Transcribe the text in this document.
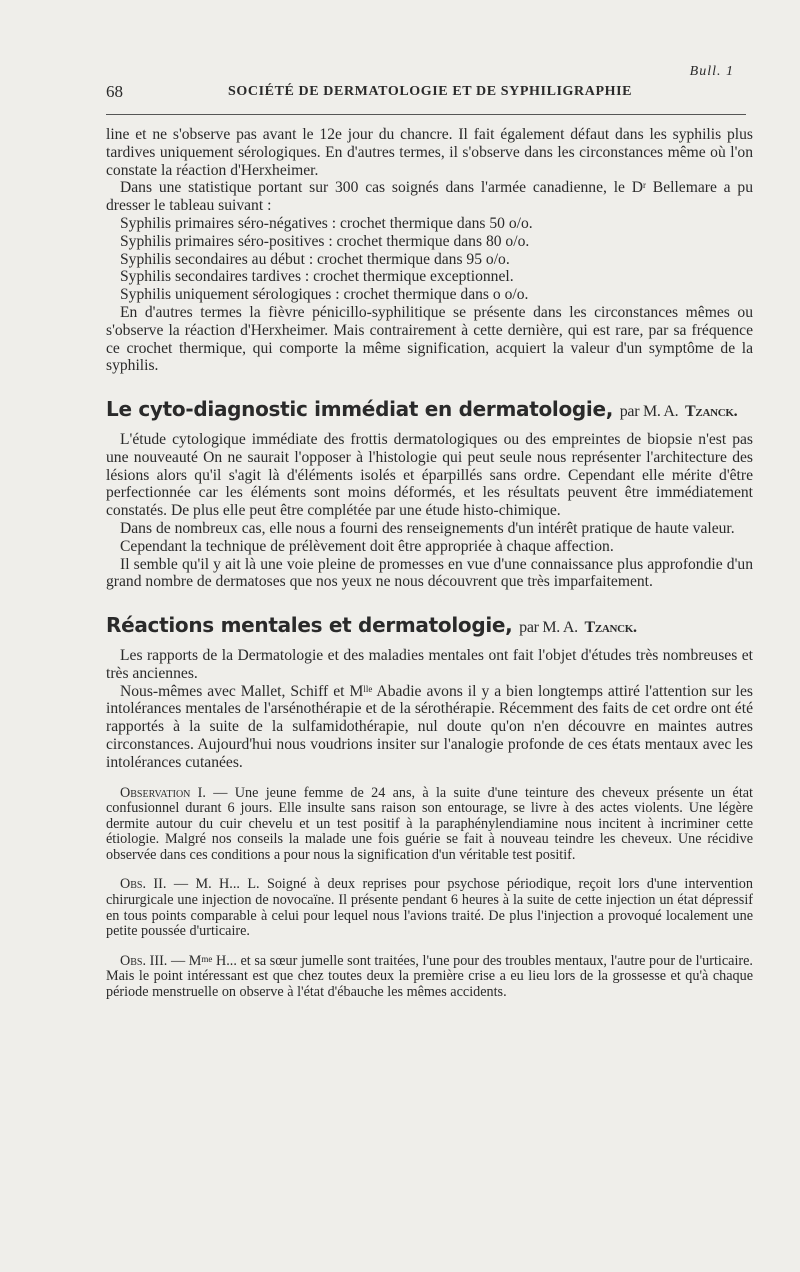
Bull. 1
68	SOCIÉTÉ DE DERMATOLOGIE ET DE SYPHILIGRAPHIE

line et ne s'observe pas avant le 12e jour du chancre. Il fait également défaut dans les syphilis plus tardives uniquement sérologiques. En d'autres termes, il s'observe dans les circonstances même où l'on constate la réaction d'Herxheimer.

Dans une statistique portant sur 300 cas soignés dans l'armée canadienne, le $D^r$ Bellemare a pu dresser le tableau suivant :

Syphilis primaires séro-négatives : crochet thermique dans 50 o/o.

Syphilis primaires séro-positives : crochet thermique dans 80 o/o.

Syphilis secondaires au début : crochet thermique dans 95 o/o.

Syphilis secondaires tardives : crochet thermique exceptionnel.

Syphilis uniquement sérologiques : crochet thermique dans o o/o.

En d'autres termes la fièvre pénicillo-syphilitique se présente dans les circonstances mêmes ou s'observe la réaction d'Herxheimer. Mais contrairement à cette dernière, qui est rare, par sa fréquence ce crochet thermique, qui comporte la même signification, acquiert la valeur d'un symptôme de la syphilis.

Le cyto-diagnostic immédiat en dermatologie, par M. A. Tzanck.

L'étude cytologique immédiate des frottis dermatologiques ou des empreintes de biopsie n'est pas une nouveauté On ne saurait l'opposer à l'histologie qui peut seule nous représenter l'architecture des lésions alors qu'il s'agit là d'éléments isolés et éparpillés sans ordre. Cependant elle mérite d'être perfectionnée car les éléments sont moins déformés, et les résultats peuvent être immédiatement constatés. De plus elle peut être complétée par une étude histo-chimique.

Dans de nombreux cas, elle nous a fourni des renseignements d'un intérêt pratique de haute valeur.

Cependant la technique de prélèvement doit être appropriée à chaque affection.

Il semble qu'il y ait là une voie pleine de promesses en vue d'une connaissance plus approfondie d'un grand nombre de dermatoses que nos yeux ne nous découvrent que très imparfaitement.

Réactions mentales et dermatologie, par M. A. Tzanck.

Les rapports de la Dermatologie et des maladies mentales ont fait l'objet d'études très nombreuses et très anciennes.

Nous-mêmes avec Mallet, Schiff et $M^{lle}$ Abadie avons il y a bien longtemps attiré l'attention sur les intolérances mentales de l'arsénothérapie et de la sérothérapie. Récemment des faits de cet ordre ont été rapportés à la suite de la sulfamidothérapie, nul doute qu'on n'en découvre en maintes autres circonstances. Aujourd'hui nous voudrions insiter sur l'analogie profonde de ces états mentaux avec les intolérances cutanées.

Observation I. — Une jeune femme de 24 ans, à la suite d'une teinture des cheveux présente un état confusionnel durant 6 jours. Elle insulte sans raison son entourage, se livre à des actes violents. Une légère dermite autour du cuir chevelu et un test positif à la paraphénylendiamine nous incitent à incriminer cette étiologie. Malgré nos conseils la malade une fois guérie se fait à nouveau teindre les cheveux. Une récidive observée dans ces conditions a pour nous la signification d'un véritable test positif.

Obs. II. — M. H... L. Soigné à deux reprises pour psychose périodique, reçoit lors d'une intervention chirurgicale une injection de novocaïne. Il présente pendant 6 heures à la suite de cette injection un état dépressif en tous points comparable à celui pour lequel nous l'avions traité. De plus l'injection a provoqué localement une petite poussée d'urticaire.

Obs. III. — $M^{me}$ H... et sa sœur jumelle sont traitées, l'une pour des troubles mentaux, l'autre pour de l'urticaire. Mais le point intéressant est que chez toutes deux la première crise a eu lieu lors de la grossesse et qu'à chaque période menstruelle on observe à l'état d'ébauche les mêmes accidents.
